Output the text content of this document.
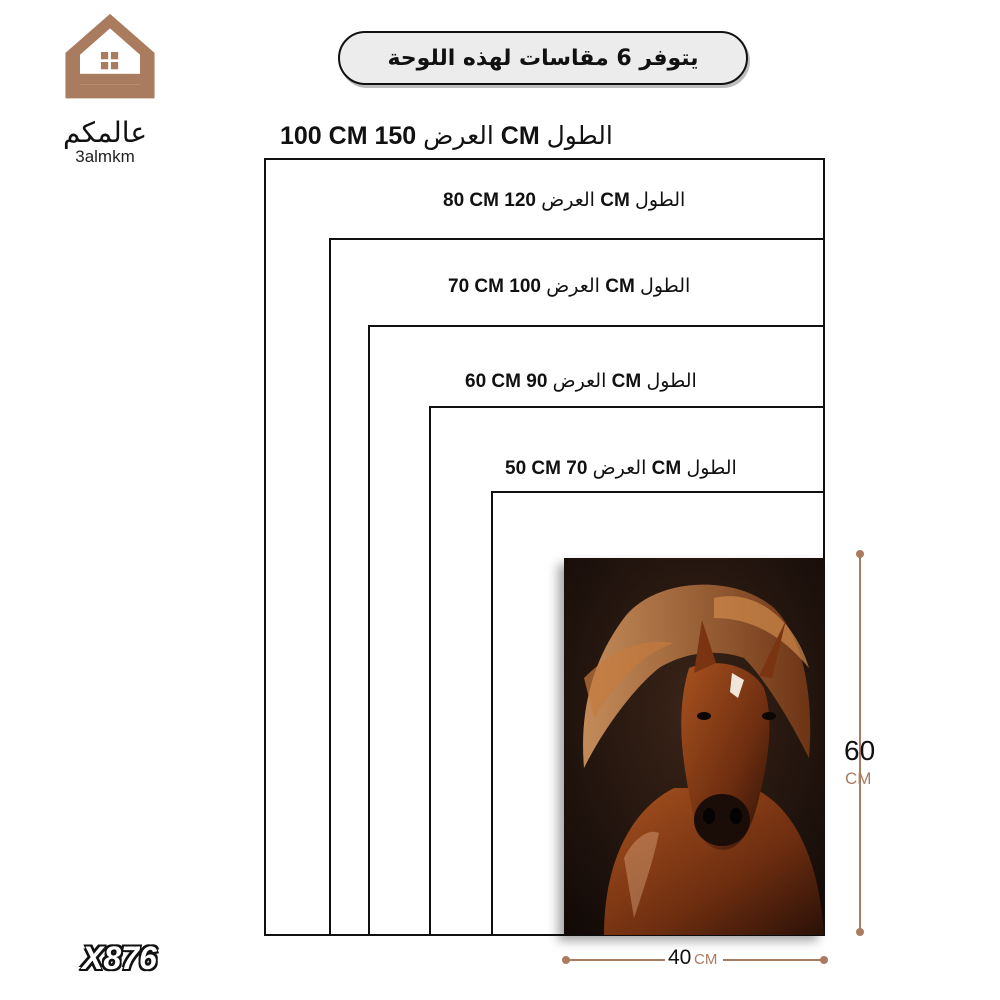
عالمكم
3almkm
يتوفر 6 مقاسات لهذه اللوحة
100 CM العرض 150 CM الطول
80 CM العرض 120 CM الطول
70 CM العرض 100 CM الطول
60 CM العرض 90 CM الطول
50 CM العرض 70 CM الطول
60
CM
40 CM
X876
